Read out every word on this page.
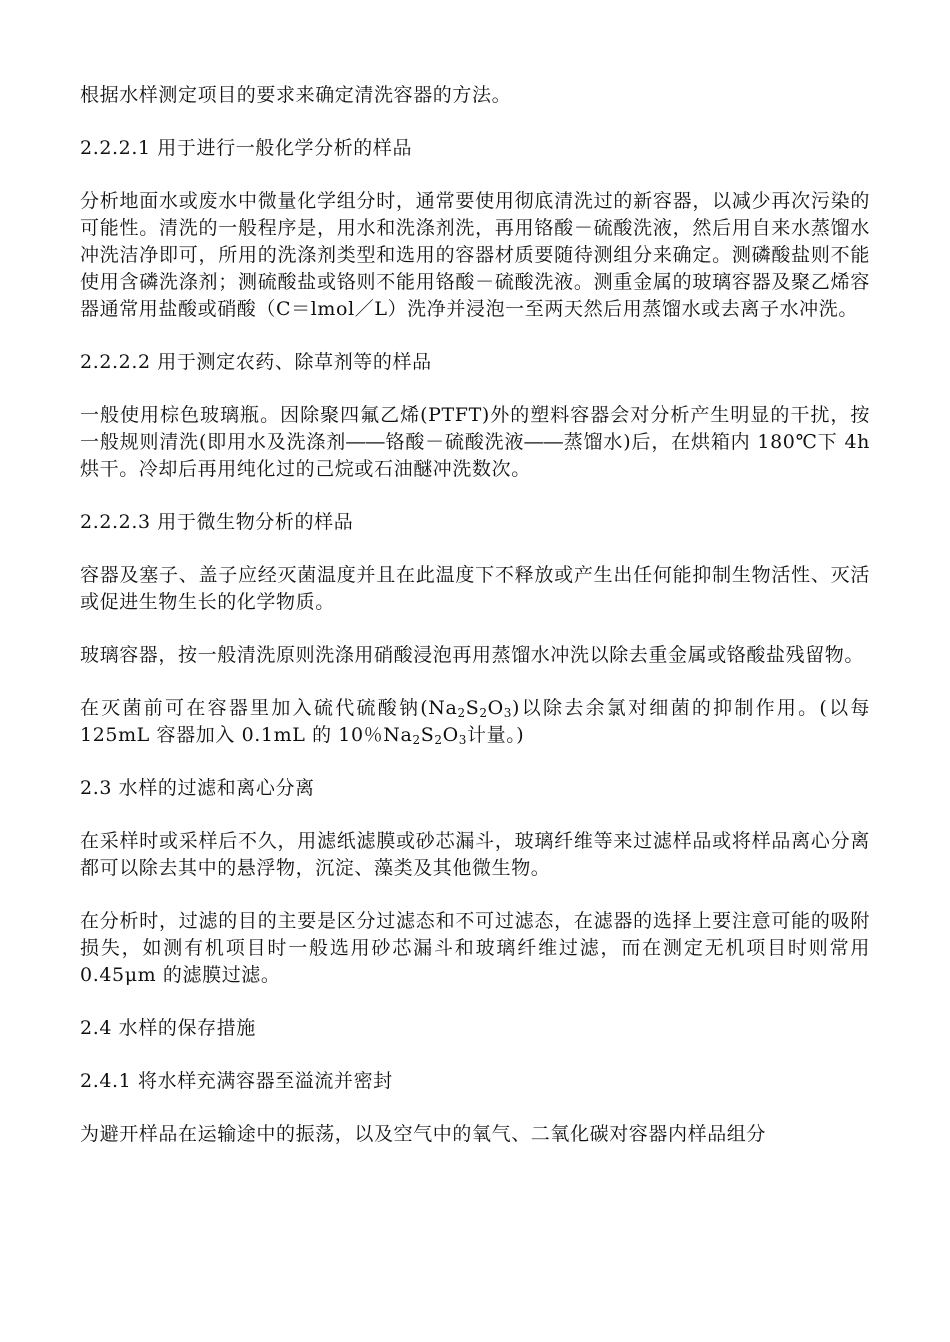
根据水样测定项目的要求来确定清洗容器的方法。
2.2.2.1 用于进行一般化学分析的样品
分析地面水或废水中微量化学组分时，通常要使用彻底清洗过的新容器，以减少再次污染的可能性。清洗的一般程序是，用水和洗涤剂洗，再用铬酸－硫酸洗液，然后用自来水蒸馏水冲洗洁净即可，所用的洗涤剂类型和选用的容器材质要随待测组分来确定。测磷酸盐则不能使用含磷洗涤剂；测硫酸盐或铬则不能用铬酸－硫酸洗液。测重金属的玻璃容器及聚乙烯容器通常用盐酸或硝酸（C＝lmol／L）洗净并浸泡一至两天然后用蒸馏水或去离子水冲洗。
2.2.2.2 用于测定农药、除草剂等的样品
一般使用棕色玻璃瓶。因除聚四氟乙烯(PTFT)外的塑料容器会对分析产生明显的干扰，按一般规则清洗(即用水及洗涤剂――铬酸－硫酸洗液――蒸馏水)后，在烘箱内 180℃下 4h 烘干。冷却后再用纯化过的己烷或石油醚冲洗数次。
2.2.2.3 用于微生物分析的样品
容器及塞子、盖子应经灭菌温度并且在此温度下不释放或产生出任何能抑制生物活性、灭活或促进生物生长的化学物质。
玻璃容器，按一般清洗原则洗涤用硝酸浸泡再用蒸馏水冲洗以除去重金属或铬酸盐残留物。
在灭菌前可在容器里加入硫代硫酸钠$(Na_2S_2O_3)$以除去余氯对细菌的抑制作用。(以每 125mL 容器加入 0.1mL 的 10％$Na_2S_2O_3$计量。)
2.3 水样的过滤和离心分离
在采样时或采样后不久，用滤纸滤膜或砂芯漏斗，玻璃纤维等来过滤样品或将样品离心分离都可以除去其中的悬浮物，沉淀、藻类及其他微生物。
在分析时，过滤的目的主要是区分过滤态和不可过滤态，在滤器的选择上要注意可能的吸附损失，如测有机项目时一般选用砂芯漏斗和玻璃纤维过滤，而在测定无机项目时则常用 0.45μm 的滤膜过滤。
2.4 水样的保存措施
2.4.1 将水样充满容器至溢流并密封
为避开样品在运输途中的振荡，以及空气中的氧气、二氧化碳对容器内样品组分
